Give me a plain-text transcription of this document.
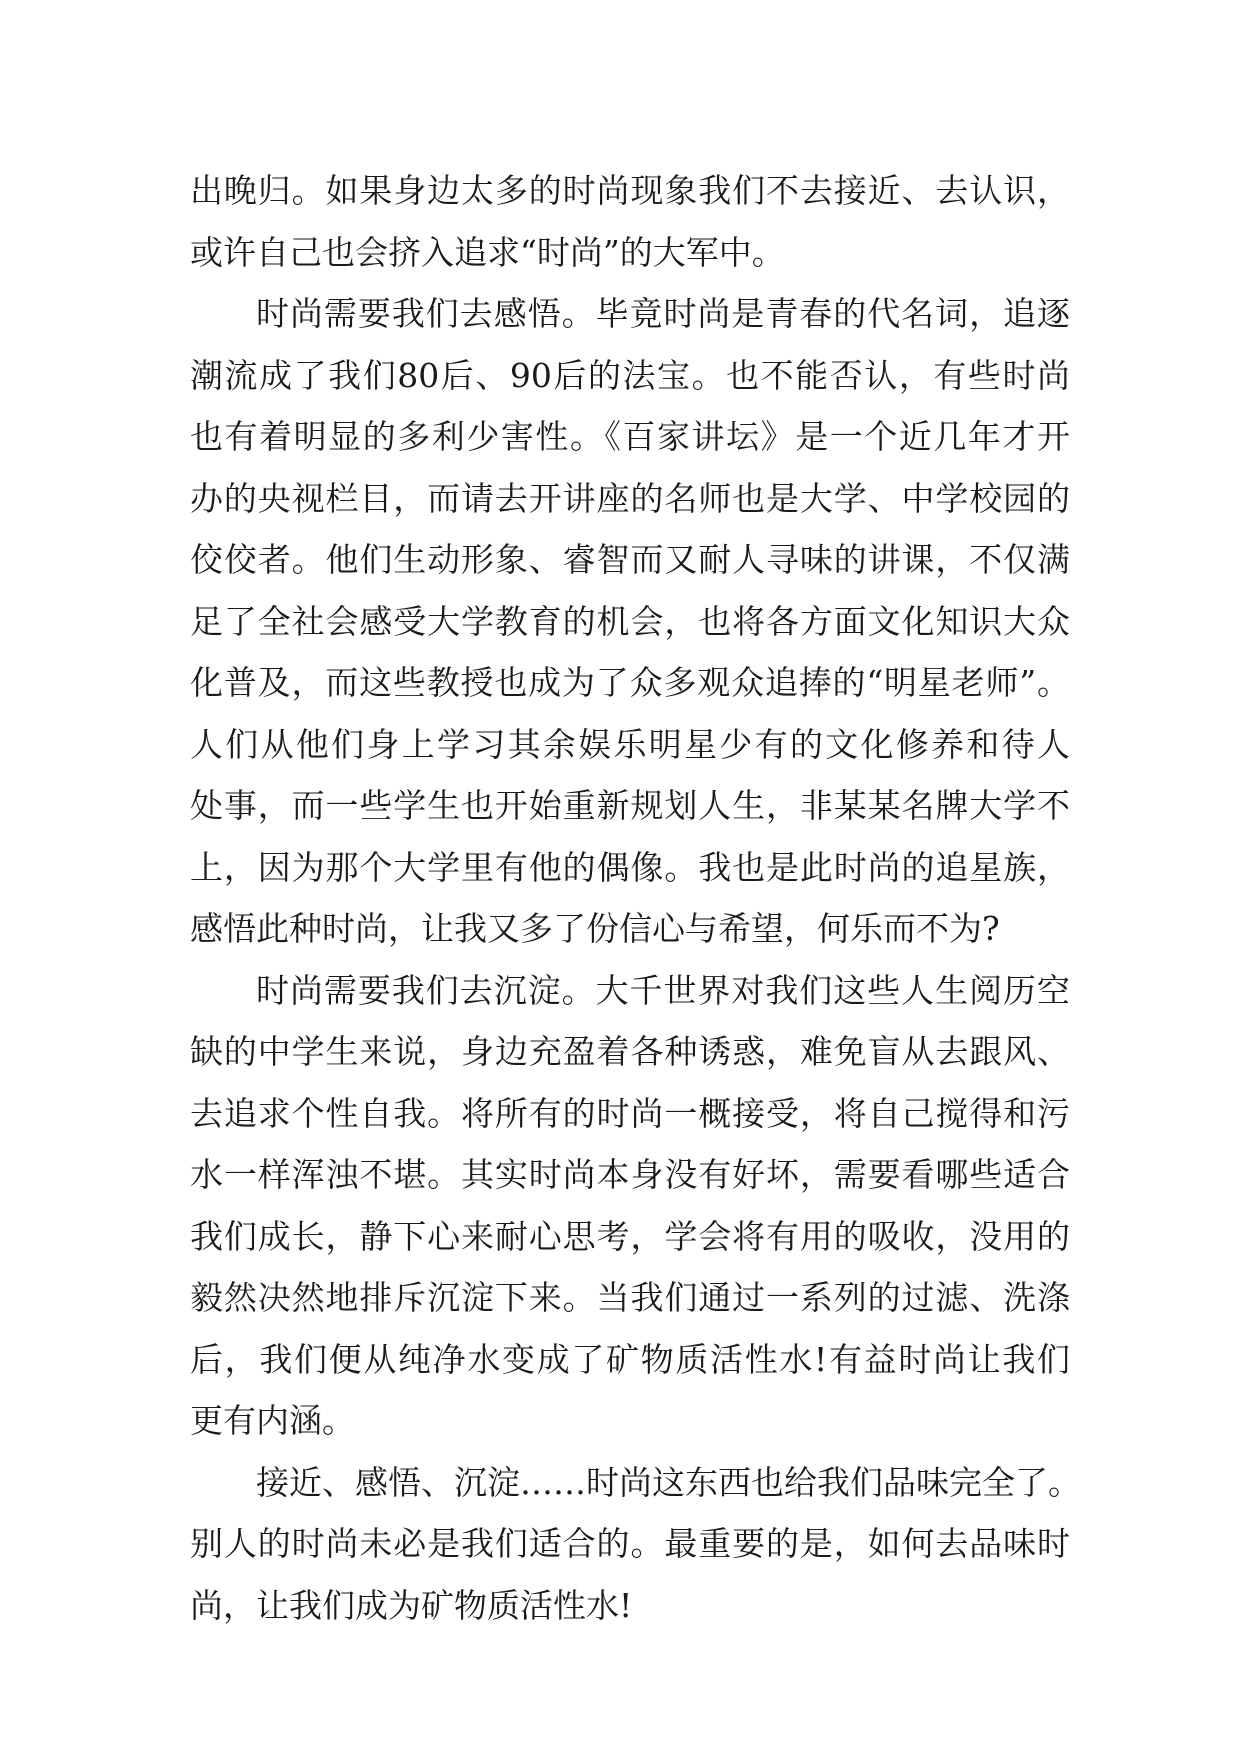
出晚归。如果身边太多的时尚现象我们不去接近、去认识，
或许自己也会挤入追求“时尚”的大军中。
时尚需要我们去感悟。毕竟时尚是青春的代名词，追逐
潮流成了我们80后、90后的法宝。也不能否认，有些时尚
也有着明显的多利少害性。《百家讲坛》是一个近几年才开
办的央视栏目，而请去开讲座的名师也是大学、中学校园的
佼佼者。他们生动形象、睿智而又耐人寻味的讲课，不仅满
足了全社会感受大学教育的机会，也将各方面文化知识大众
化普及，而这些教授也成为了众多观众追捧的“明星老师”。
人们从他们身上学习其余娱乐明星少有的文化修养和待人
处事，而一些学生也开始重新规划人生，非某某名牌大学不
上，因为那个大学里有他的偶像。我也是此时尚的追星族，
感悟此种时尚，让我又多了份信心与希望，何乐而不为?
时尚需要我们去沉淀。大千世界对我们这些人生阅历空
缺的中学生来说，身边充盈着各种诱惑，难免盲从去跟风、
去追求个性自我。将所有的时尚一概接受，将自己搅得和污
水一样浑浊不堪。其实时尚本身没有好坏，需要看哪些适合
我们成长，静下心来耐心思考，学会将有用的吸收，没用的
毅然决然地排斥沉淀下来。当我们通过一系列的过滤、洗涤
后，我们便从纯净水变成了矿物质活性水!有益时尚让我们
更有内涵。
接近、感悟、沉淀……时尚这东西也给我们品味完全了。
别人的时尚未必是我们适合的。最重要的是，如何去品味时
尚，让我们成为矿物质活性水!
